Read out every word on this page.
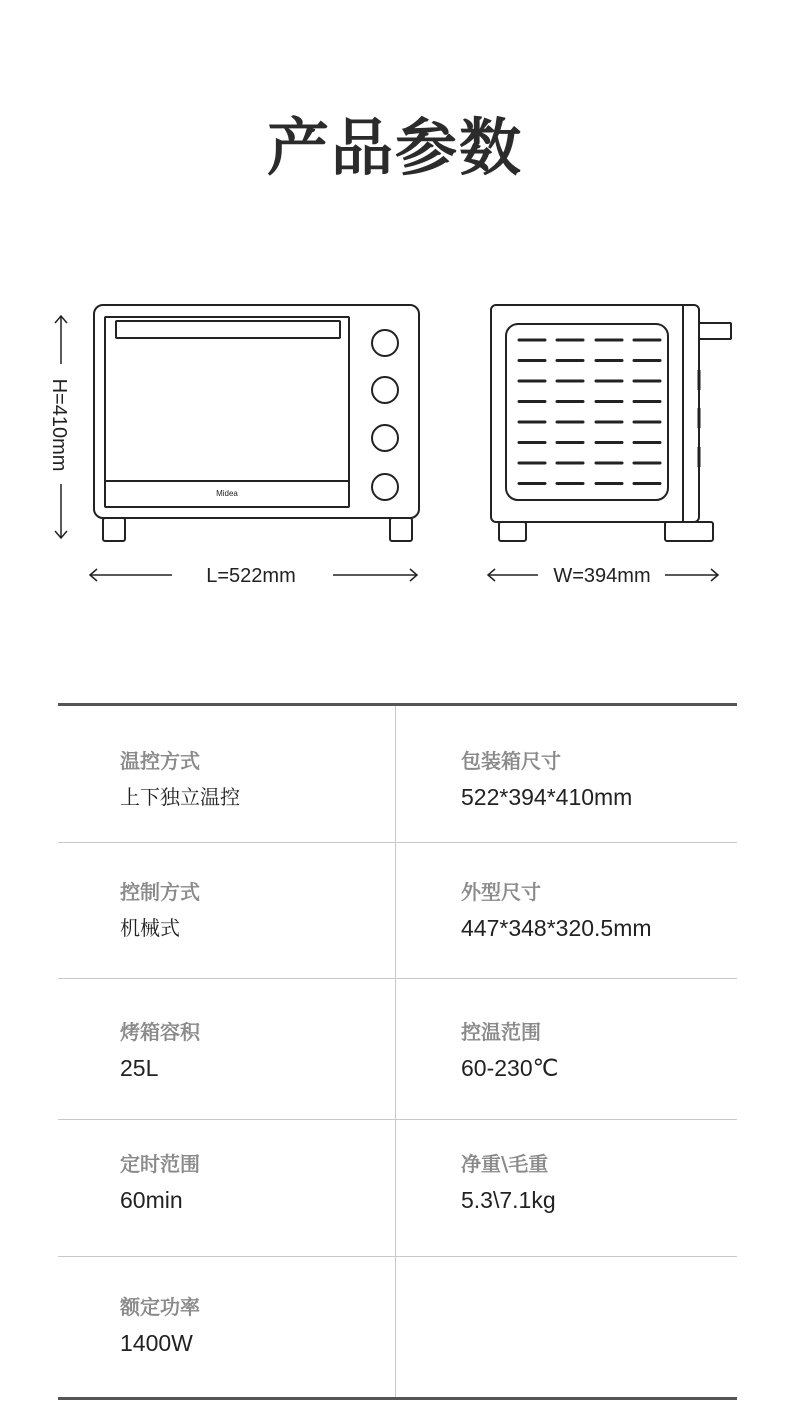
产品参数
Midea
H=410mm
L=522mm	W=394mm
温控方式
上下独立温控
包装箱尺寸
522*394*410mm
控制方式
机械式
外型尺寸
447*348*320.5mm
烤箱容积
25L
控温范围
60-230℃
定时范围
60min
净重\毛重
5.3\7.1kg
额定功率
1400W
